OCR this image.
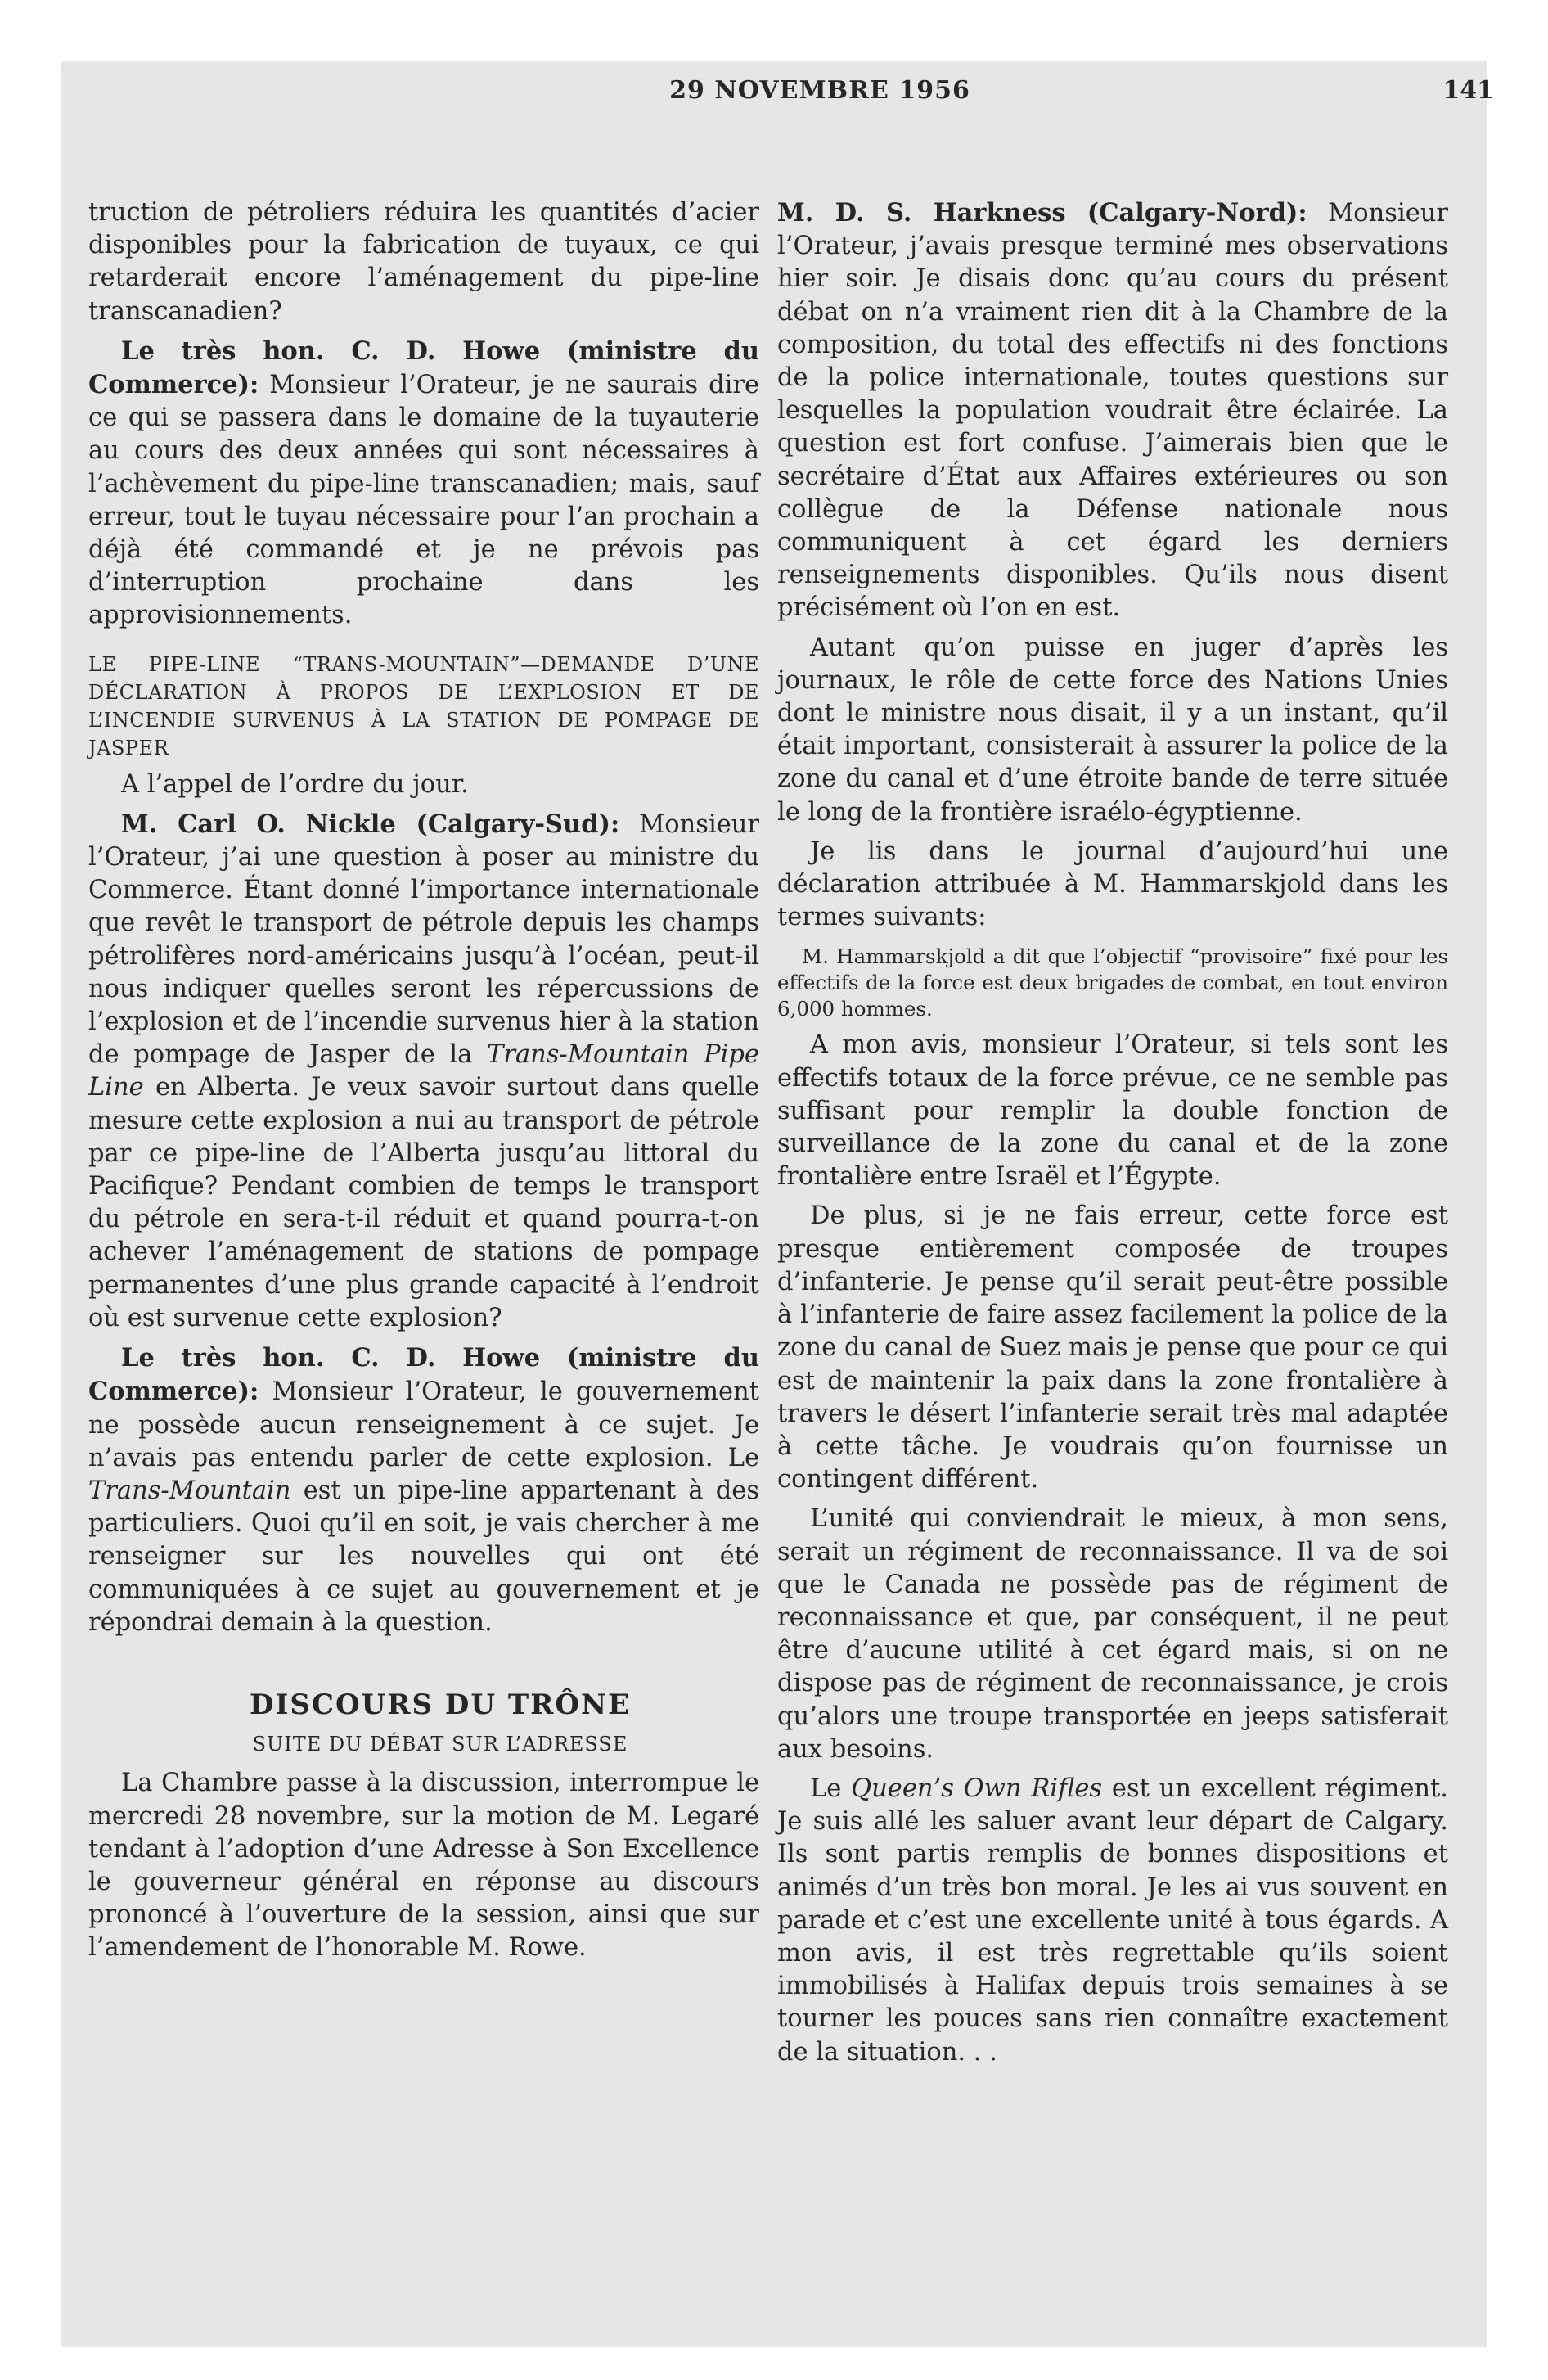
29 NOVEMBRE 1956	141

truction de pétroliers réduira les quantités d’acier disponibles pour la fabrication de tuyaux, ce qui retarderait encore l’aménagement du pipe-line transcanadien?

Le très hon. C. D. Howe (ministre du Commerce): Monsieur l’Orateur, je ne saurais dire ce qui se passera dans le domaine de la tuyauterie au cours des deux années qui sont nécessaires à l’achèvement du pipe-line transcanadien; mais, sauf erreur, tout le tuyau nécessaire pour l’an prochain a déjà été commandé et je ne prévois pas d’interruption prochaine dans les approvisionnements.

LE PIPE-LINE “TRANS-MOUNTAIN”—DEMANDE D’UNE DÉCLARATION À PROPOS DE L’EXPLOSION ET DE L’INCENDIE SURVENUS À LA STATION DE POMPAGE DE JASPER

A l’appel de l’ordre du jour.

M. Carl O. Nickle (Calgary-Sud): Monsieur l’Orateur, j’ai une question à poser au ministre du Commerce. Étant donné l’importance internationale que revêt le transport de pétrole depuis les champs pétrolifères nord-américains jusqu’à l’océan, peut-il nous indiquer quelles seront les répercussions de l’explosion et de l’incendie survenus hier à la station de pompage de Jasper de la Trans-Mountain Pipe Line en Alberta. Je veux savoir surtout dans quelle mesure cette explosion a nui au transport de pétrole par ce pipe-line de l’Alberta jusqu’au littoral du Pacifique? Pendant combien de temps le transport du pétrole en sera-t-il réduit et quand pourra-t-on achever l’aménagement de stations de pompage permanentes d’une plus grande capacité à l’endroit où est survenue cette explosion?

Le très hon. C. D. Howe (ministre du Commerce): Monsieur l’Orateur, le gouvernement ne possède aucun renseignement à ce sujet. Je n’avais pas entendu parler de cette explosion. Le Trans-Mountain est un pipe-line appartenant à des particuliers. Quoi qu’il en soit, je vais chercher à me renseigner sur les nouvelles qui ont été communiquées à ce sujet au gouvernement et je répondrai demain à la question.

DISCOURS DU TRÔNE

SUITE DU DÉBAT SUR L’ADRESSE

La Chambre passe à la discussion, interrompue le mercredi 28 novembre, sur la motion de M. Legaré tendant à l’adoption d’une Adresse à Son Excellence le gouverneur général en réponse au discours prononcé à l’ouverture de la session, ainsi que sur l’amendement de l’honorable M. Rowe.

M. D. S. Harkness (Calgary-Nord): Monsieur l’Orateur, j’avais presque terminé mes observations hier soir. Je disais donc qu’au cours du présent débat on n’a vraiment rien dit à la Chambre de la composition, du total des effectifs ni des fonctions de la police internationale, toutes questions sur lesquelles la population voudrait être éclairée. La question est fort confuse. J’aimerais bien que le secrétaire d’État aux Affaires extérieures ou son collègue de la Défense nationale nous communiquent à cet égard les derniers renseignements disponibles. Qu’ils nous disent précisément où l’on en est.

Autant qu’on puisse en juger d’après les journaux, le rôle de cette force des Nations Unies dont le ministre nous disait, il y a un instant, qu’il était important, consisterait à assurer la police de la zone du canal et d’une étroite bande de terre située le long de la frontière israélo-égyptienne.

Je lis dans le journal d’aujourd’hui une déclaration attribuée à M. Hammarskjold dans les termes suivants:

M. Hammarskjold a dit que l’objectif “provisoire” fixé pour les effectifs de la force est deux brigades de combat, en tout environ 6,000 hommes.

A mon avis, monsieur l’Orateur, si tels sont les effectifs totaux de la force prévue, ce ne semble pas suffisant pour remplir la double fonction de surveillance de la zone du canal et de la zone frontalière entre Israël et l’Égypte.

De plus, si je ne fais erreur, cette force est presque entièrement composée de troupes d’infanterie. Je pense qu’il serait peut-être possible à l’infanterie de faire assez facilement la police de la zone du canal de Suez mais je pense que pour ce qui est de maintenir la paix dans la zone frontalière à travers le désert l’infanterie serait très mal adaptée à cette tâche. Je voudrais qu’on fournisse un contingent différent.

L’unité qui conviendrait le mieux, à mon sens, serait un régiment de reconnaissance. Il va de soi que le Canada ne possède pas de régiment de reconnaissance et que, par conséquent, il ne peut être d’aucune utilité à cet égard mais, si on ne dispose pas de régiment de reconnaissance, je crois qu’alors une troupe transportée en jeeps satisferait aux besoins.

Le Queen’s Own Rifles est un excellent régiment. Je suis allé les saluer avant leur départ de Calgary. Ils sont partis remplis de bonnes dispositions et animés d’un très bon moral. Je les ai vus souvent en parade et c’est une excellente unité à tous égards. A mon avis, il est très regrettable qu’ils soient immobilisés à Halifax depuis trois semaines à se tourner les pouces sans rien connaître exactement de la situation. . .
